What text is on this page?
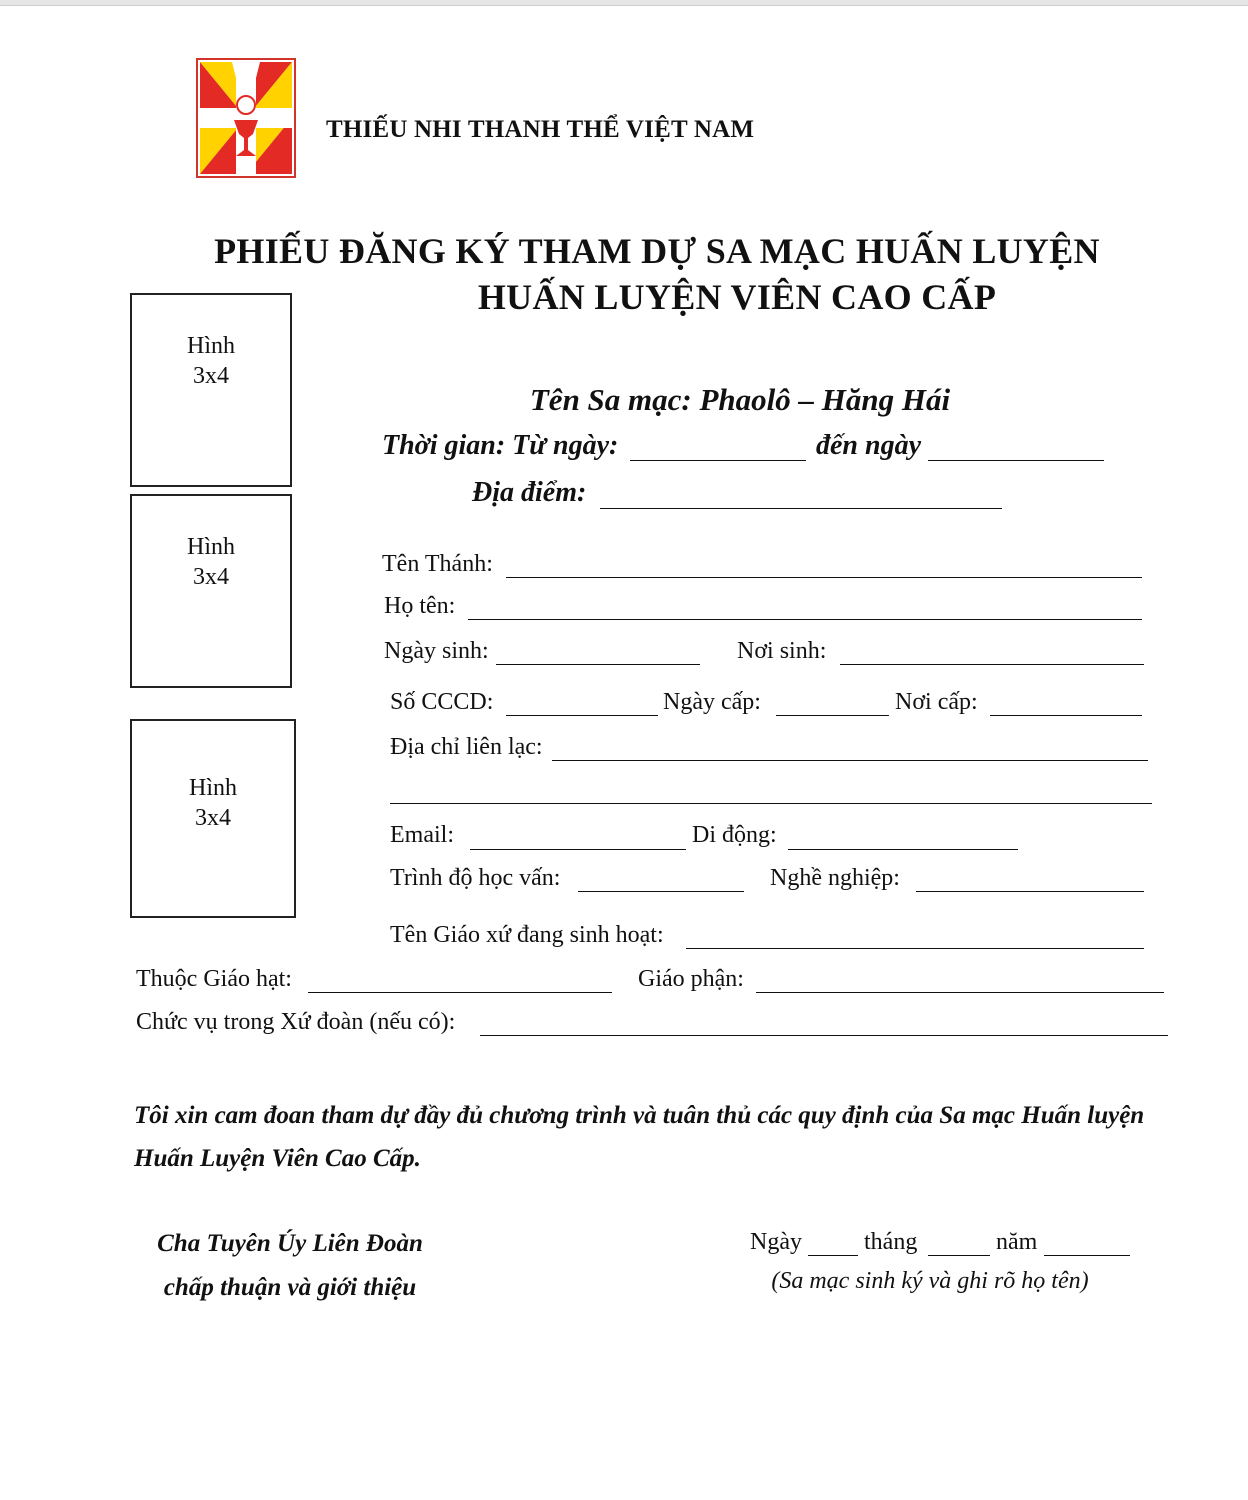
THIẾU NHI THANH THỂ VIỆT NAM
PHIẾU ĐĂNG KÝ THAM DỰ SA MẠC HUẤN LUYỆN
HUẤN LUYỆN VIÊN CAO CẤP
Hình
3x4
Hình
3x4
Hình
3x4
Tên Sa mạc: Phaolô – Hăng Hái
Thời gian: Từ ngày:	đến ngày
Địa điểm:
Tên Thánh:
Họ tên:
Ngày sinh:	Nơi sinh:
Số CCCD:	Ngày cấp:	Nơi cấp:
Địa chỉ liên lạc:
Email:	Di động:
Trình độ học vấn:	Nghề nghiệp:
Tên Giáo xứ đang sinh hoạt:
Thuộc Giáo hạt:	Giáo phận:
Chức vụ trong Xứ đoàn (nếu có):
Tôi xin cam đoan tham dự đầy đủ chương trình và tuân thủ các quy định của Sa mạc Huấn luyện
Huấn Luyện Viên Cao Cấp.
Cha Tuyên Úy Liên Đoàn
chấp thuận và giới thiệu
Ngày	tháng	năm
(Sa mạc sinh ký và ghi rõ họ tên)
